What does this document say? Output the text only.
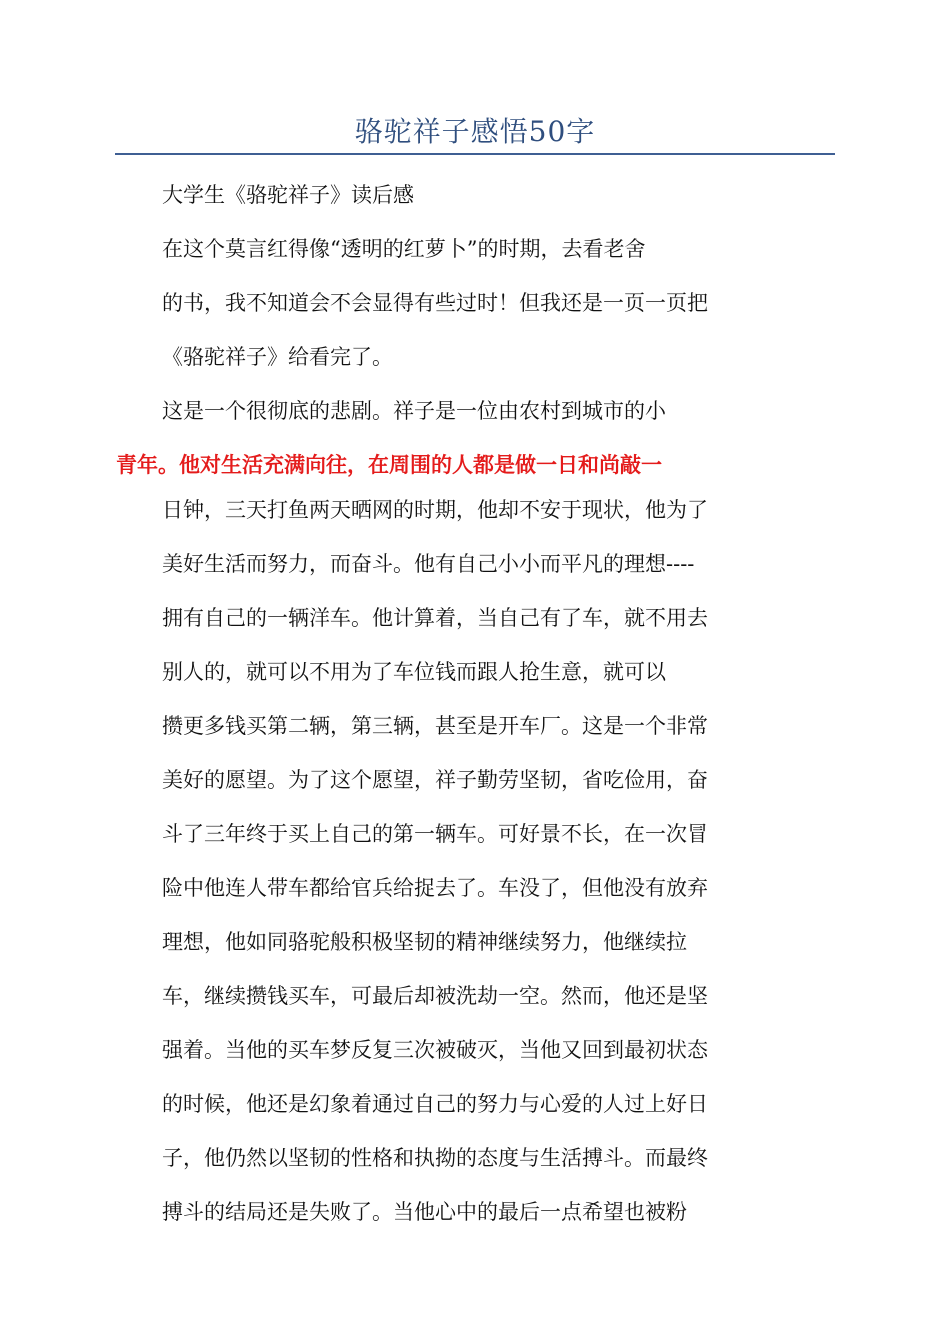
骆驼祥子感悟50字
大学生《骆驼祥子》读后感
在这个莫言红得像“透明的红萝卜”的时期，去看老舍
的书，我不知道会不会显得有些过时！但我还是一页一页把
《骆驼祥子》给看完了。
这是一个很彻底的悲剧。祥子是一位由农村到城市的小
青年。他对生活充满向往，在周围的人都是做一日和尚敲一
日钟，三天打鱼两天晒网的时期，他却不安于现状，他为了
美好生活而努力，而奋斗。他有自己小小而平凡的理想----
拥有自己的一辆洋车。他计算着，当自己有了车，就不用去
别人的，就可以不用为了车位钱而跟人抢生意，就可以
攒更多钱买第二辆，第三辆，甚至是开车厂。这是一个非常
美好的愿望。为了这个愿望，祥子勤劳坚韧，省吃俭用，奋
斗了三年终于买上自己的第一辆车。可好景不长，在一次冒
险中他连人带车都给官兵给捉去了。车没了，但他没有放弃
理想，他如同骆驼般积极坚韧的精神继续努力，他继续拉
车，继续攒钱买车，可最后却被洗劫一空。然而，他还是坚
强着。当他的买车梦反复三次被破灭，当他又回到最初状态
的时候，他还是幻象着通过自己的努力与心爱的人过上好日
子，他仍然以坚韧的性格和执拗的态度与生活搏斗。而最终
搏斗的结局还是失败了。当他心中的最后一点希望也被粉
